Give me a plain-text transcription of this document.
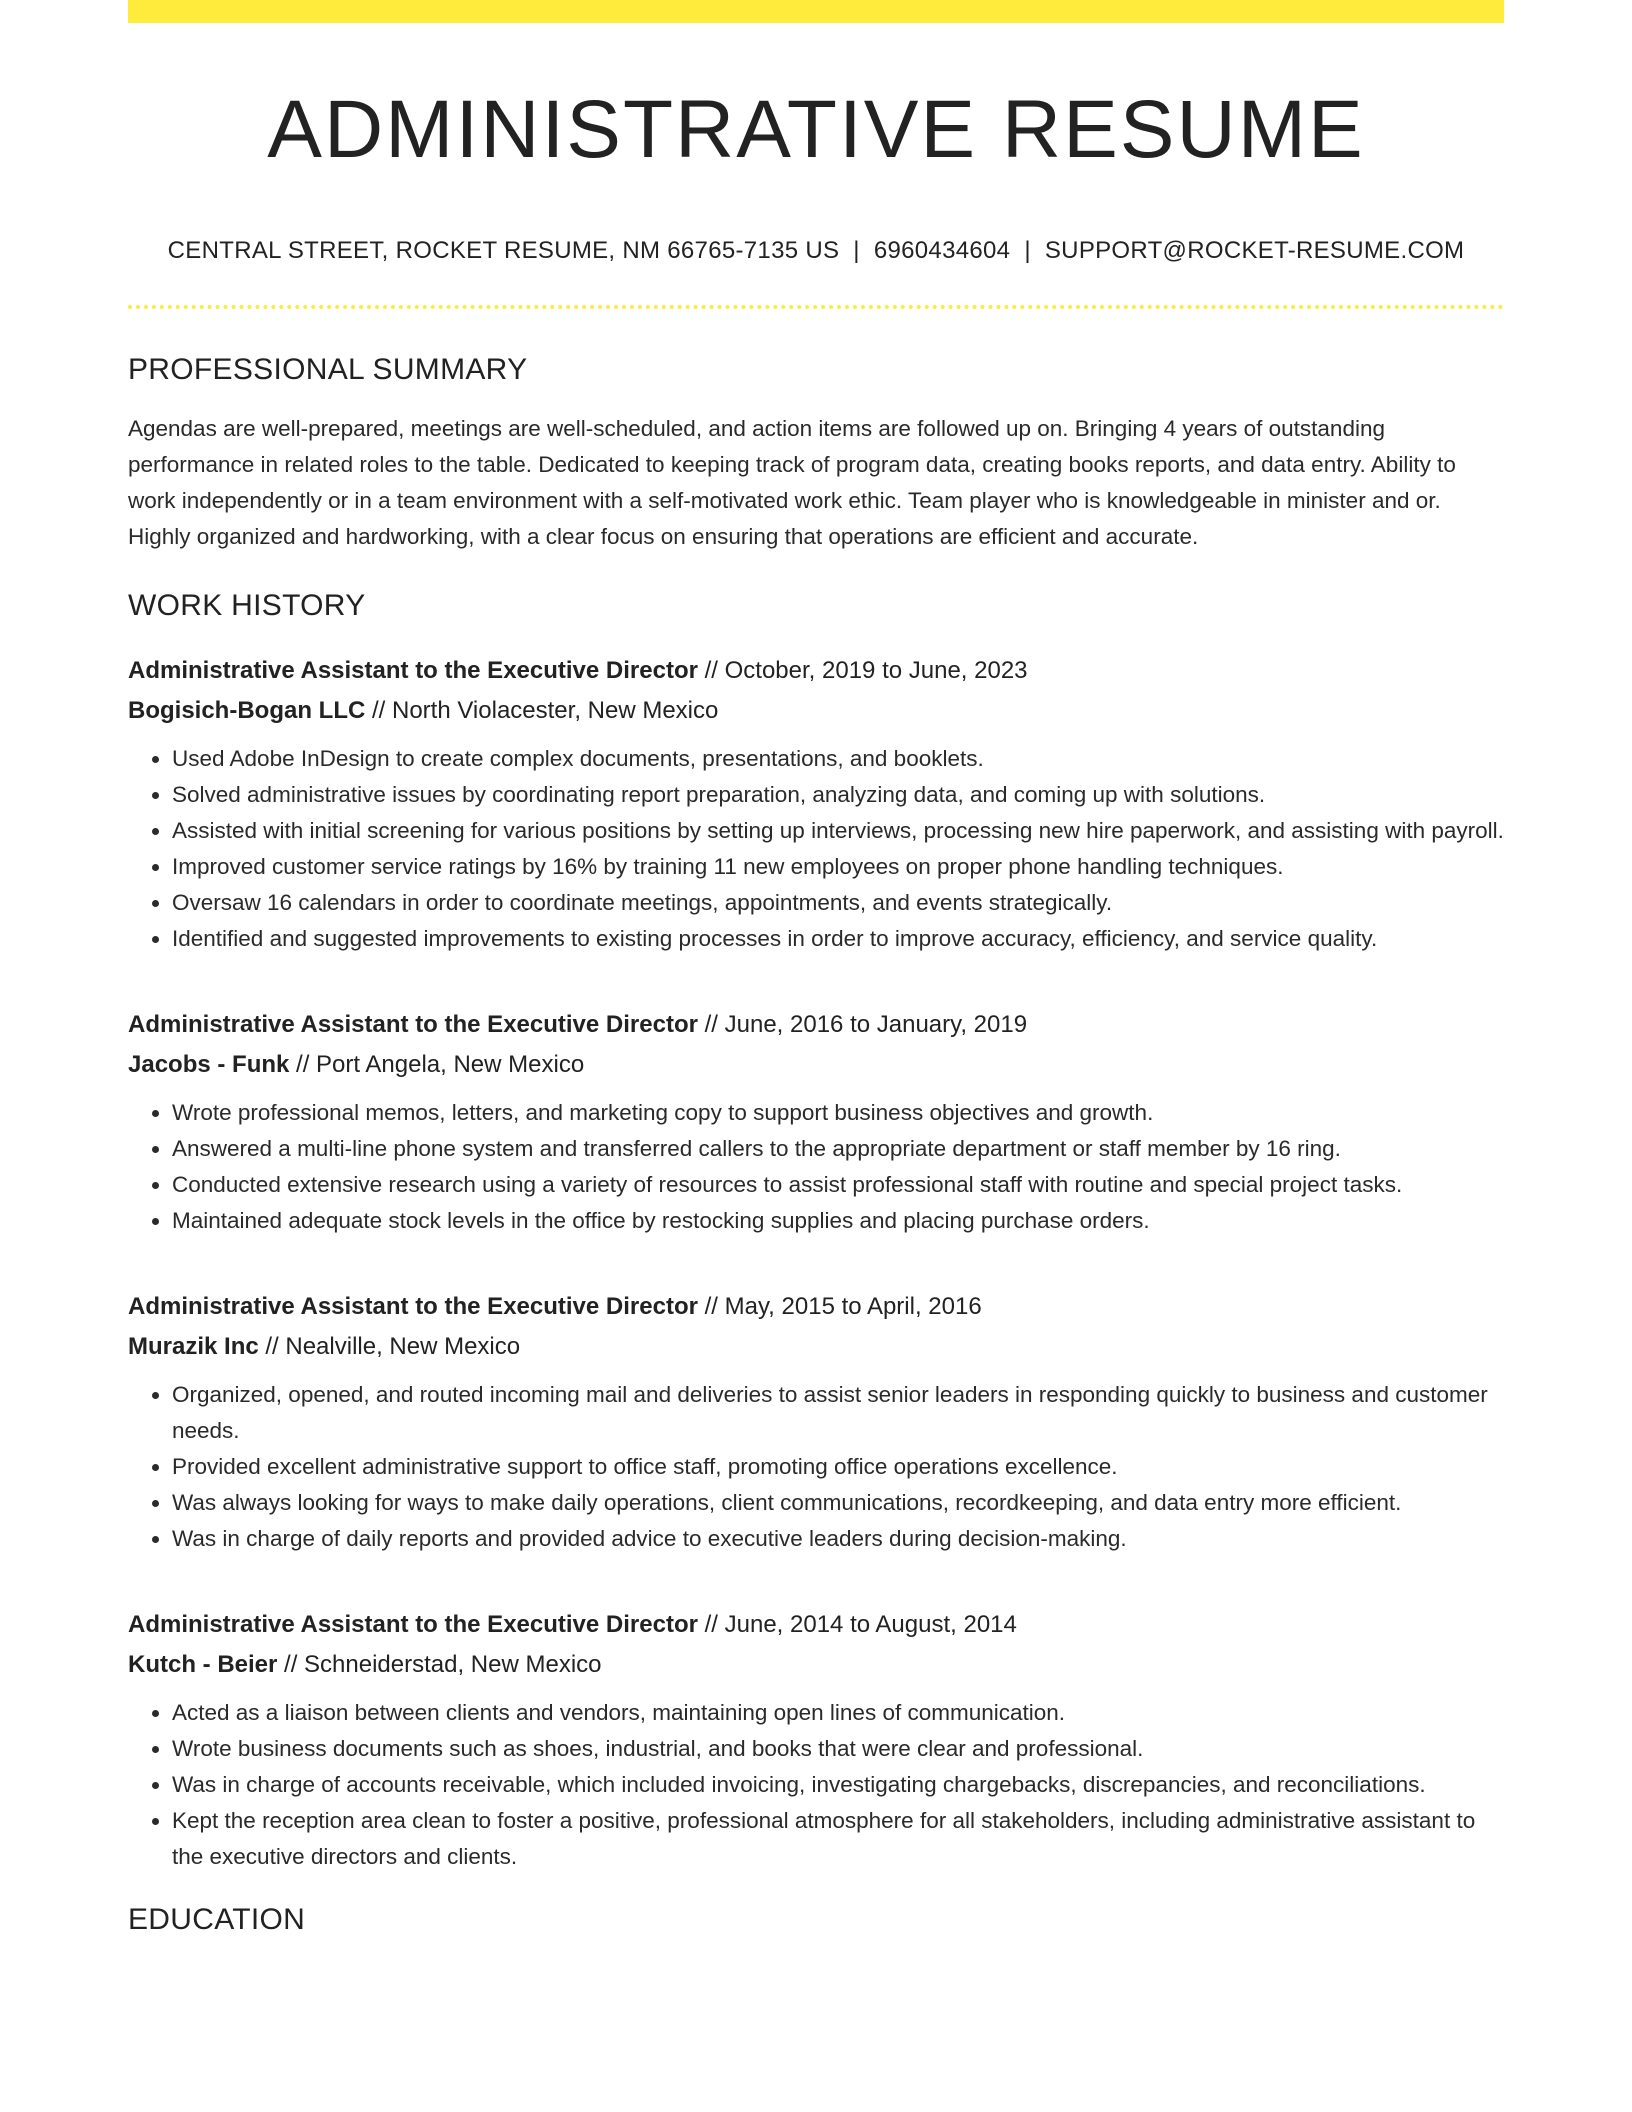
ADMINISTRATIVE RESUME
CENTRAL STREET, ROCKET RESUME, NM 66765-7135 US | 6960434604 | SUPPORT@ROCKET-RESUME.COM
PROFESSIONAL SUMMARY

Agendas are well-prepared, meetings are well-scheduled, and action items are followed up on. Bringing 4 years of outstanding performance in related roles to the table. Dedicated to keeping track of program data, creating books reports, and data entry. Ability to work independently or in a team environment with a self-motivated work ethic. Team player who is knowledgeable in minister and or. Highly organized and hardworking, with a clear focus on ensuring that operations are efficient and accurate.

WORK HISTORY
Administrative Assistant to the Executive Director // October, 2019 to June, 2023
Bogisich-Bogan LLC // North Violacester, New Mexico
• Used Adobe InDesign to create complex documents, presentations, and booklets.
• Solved administrative issues by coordinating report preparation, analyzing data, and coming up with solutions.
• Assisted with initial screening for various positions by setting up interviews, processing new hire paperwork, and assisting with payroll.
• Improved customer service ratings by 16% by training 11 new employees on proper phone handling techniques.
• Oversaw 16 calendars in order to coordinate meetings, appointments, and events strategically.
• Identified and suggested improvements to existing processes in order to improve accuracy, efficiency, and service quality.
Administrative Assistant to the Executive Director // June, 2016 to January, 2019
Jacobs - Funk // Port Angela, New Mexico
• Wrote professional memos, letters, and marketing copy to support business objectives and growth.
• Answered a multi-line phone system and transferred callers to the appropriate department or staff member by 16 ring.
• Conducted extensive research using a variety of resources to assist professional staff with routine and special project tasks.
• Maintained adequate stock levels in the office by restocking supplies and placing purchase orders.
Administrative Assistant to the Executive Director // May, 2015 to April, 2016
Murazik Inc // Nealville, New Mexico
• Organized, opened, and routed incoming mail and deliveries to assist senior leaders in responding quickly to business and customer needs.
• Provided excellent administrative support to office staff, promoting office operations excellence.
• Was always looking for ways to make daily operations, client communications, recordkeeping, and data entry more efficient.
• Was in charge of daily reports and provided advice to executive leaders during decision-making.
Administrative Assistant to the Executive Director // June, 2014 to August, 2014
Kutch - Beier // Schneiderstad, New Mexico
• Acted as a liaison between clients and vendors, maintaining open lines of communication.
• Wrote business documents such as shoes, industrial, and books that were clear and professional.
• Was in charge of accounts receivable, which included invoicing, investigating chargebacks, discrepancies, and reconciliations.
• Kept the reception area clean to foster a positive, professional atmosphere for all stakeholders, including administrative assistant to the executive directors and clients.
EDUCATION
